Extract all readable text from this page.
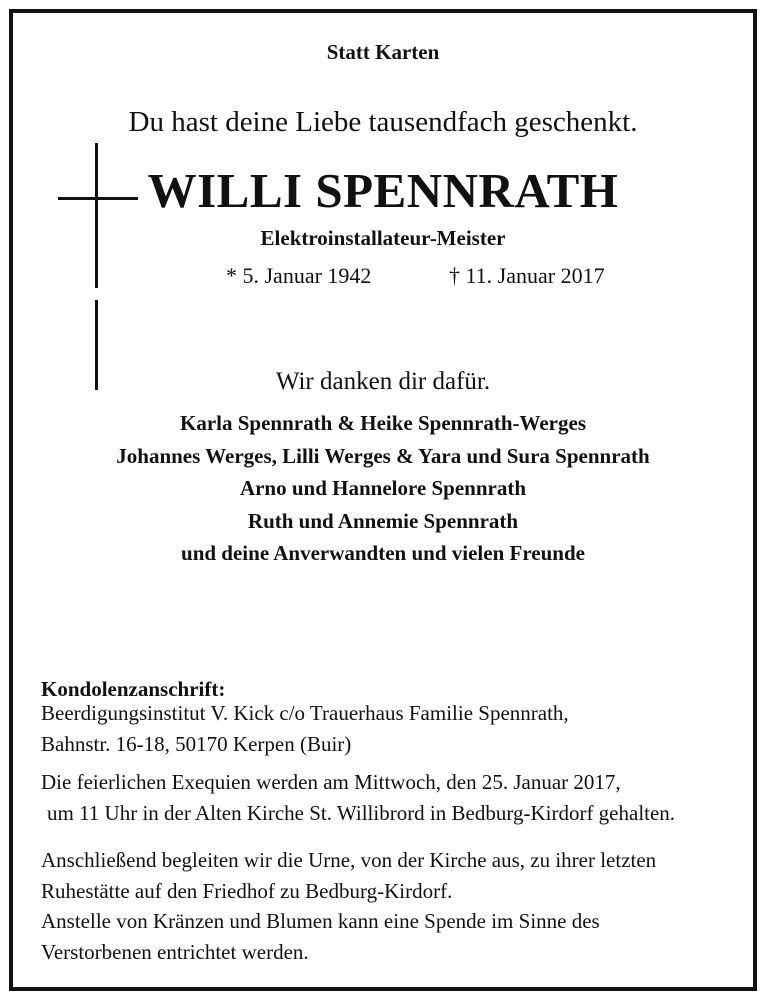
Statt Karten
Du hast deine Liebe tausendfach geschenkt.
WILLI SPENNRATH
Elektroinstallateur-Meister
* 5. Januar 1942	† 11. Januar 2017
Wir danken dir dafür.
Karla Spennrath & Heike Spennrath-Werges
Johannes Werges, Lilli Werges & Yara und Sura Spennrath
Arno und Hannelore Spennrath
Ruth und Annemie Spennrath
und deine Anverwandten und vielen Freunde
Kondolenzanschrift:
Beerdigungsinstitut V. Kick c/o Trauerhaus Familie Spennrath,
Bahnstr. 16-18, 50170 Kerpen (Buir)
Die feierlichen Exequien werden am Mittwoch, den 25. Januar 2017,
um 11 Uhr in der Alten Kirche St. Willibrord in Bedburg-Kirdorf gehalten.
Anschließend begleiten wir die Urne, von der Kirche aus, zu ihrer letzten
Ruhestätte auf den Friedhof zu Bedburg-Kirdorf.
Anstelle von Kränzen und Blumen kann eine Spende im Sinne des
Verstorbenen entrichtet werden.
